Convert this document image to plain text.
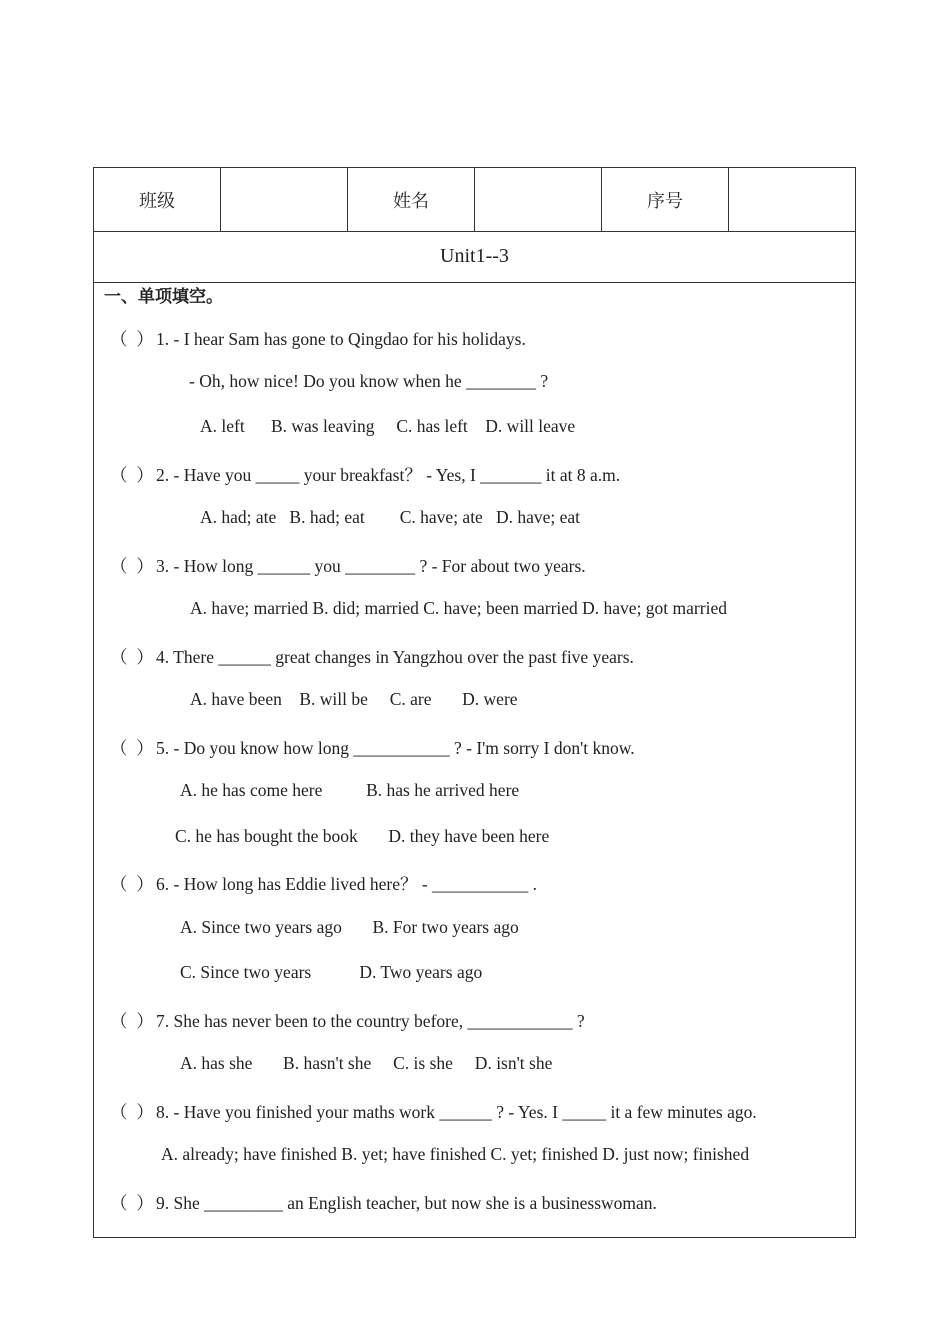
班级	姓名	序号
Unit1--3
一、单项填空。
（  ） 1. - I hear Sam has gone to Qingdao for his holidays.
- Oh, how nice! Do you know when he ________ ?
A. left      B. was leaving     C. has left    D. will leave
（  ） 2. - Have you _____ your breakfast？ - Yes, I _______ it at 8 a.m.
A. had; ate   B. had; eat        C. have; ate   D. have; eat
（  ） 3. - How long ______ you ________ ? - For about two years.
A. have; married B. did; married C. have; been married D. have; got married
（  ） 4. There ______ great changes in Yangzhou over the past five years.
A. have been    B. will be     C. are       D. were
（  ） 5. - Do you know how long ___________ ? - I'm sorry I don't know.
A. he has come here          B. has he arrived here
C. he has bought the book       D. they have been here
（  ） 6. - How long has Eddie lived here？ - ___________ .
A. Since two years ago       B. For two years ago
C. Since two years           D. Two years ago
（  ） 7. She has never been to the country before, ____________ ?
A. has she       B. hasn't she     C. is she     D. isn't she
（  ） 8. - Have you finished your maths work ______ ? - Yes. I _____ it a few minutes ago.
A. already; have finished B. yet; have finished C. yet; finished D. just now; finished
（  ） 9. She _________ an English teacher, but now she is a businesswoman.
